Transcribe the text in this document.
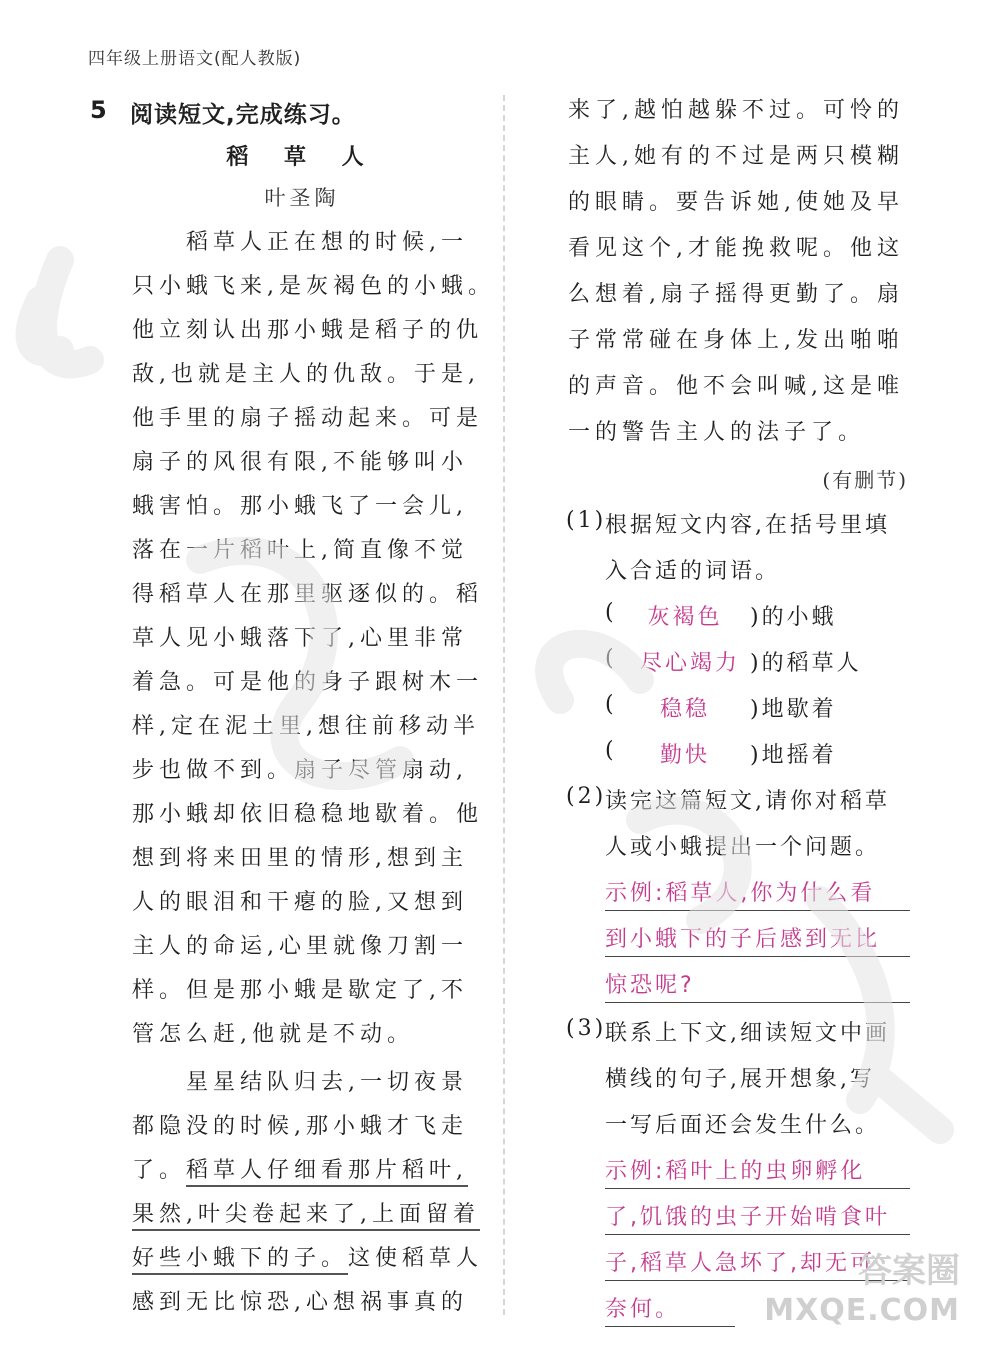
四年级上册语文(配人教版)
5 阅读短文,完成练习。
稻 草 人
叶圣陶
　　稻草人正在想的时候,一
只小蛾飞来,是灰褐色的小蛾。
他立刻认出那小蛾是稻子的仇
敌,也就是主人的仇敌。于是,
他手里的扇子摇动起来。可是
扇子的风很有限,不能够叫小
蛾害怕。那小蛾飞了一会儿,
落在一片稻叶上,简直像不觉
得稻草人在那里驱逐似的。稻
草人见小蛾落下了,心里非常
着急。可是他的身子跟树木一
样,定在泥土里,想往前移动半
步也做不到。扇子尽管扇动,
那小蛾却依旧稳稳地歇着。他
想到将来田里的情形,想到主
人的眼泪和干瘪的脸,又想到
主人的命运,心里就像刀割一
样。但是那小蛾是歇定了,不
管怎么赶,他就是不动。
　　星星结队归去,一切夜景
都隐没的时候,那小蛾才飞走
了。稻草人仔细看那片稻叶,
果然,叶尖卷起来了,上面留着
好些小蛾下的子。这使稻草人
感到无比惊恐,心想祸事真的
来了,越怕越躲不过。可怜的
主人,她有的不过是两只模糊
的眼睛。要告诉她,使她及早
看见这个,才能挽救呢。他这
么想着,扇子摇得更勤了。扇
子常常碰在身体上,发出啪啪
的声音。他不会叫喊,这是唯
一的警告主人的法子了。
(有删节)
(1)
根据短文内容,在括号里填
入合适的词语。
(	灰褐色	)的小蛾
(	尽心竭力 )的稻草人
(	稳稳	)地歇着
(	勤快	)地摇着
(2)
读完这篇短文,请你对稻草
人或小蛾提出一个问题。
示例:稻草人,你为什么看
到小蛾下的子后感到无比
惊恐呢?
(3)
联系上下文,细读短文中画
横线的句子,展开想象,写
一写后面还会发生什么。
示例:稻叶上的虫卵孵化
了,饥饿的虫子开始啃食叶
子,稻草人急坏了,却无可
奈何。
答案圈
MXQE.COM
